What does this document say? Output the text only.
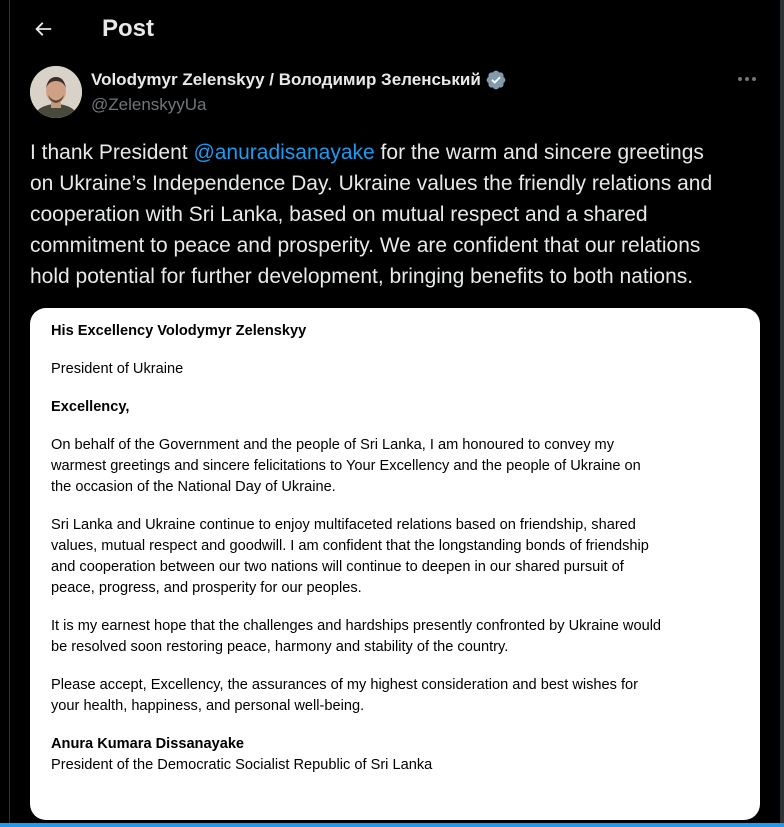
Post
Volodymyr Zelenskyy / Володимир Зеленський
@ZelenskyyUa
I thank President @anuradisanayake for the warm and sincere greetings
on Ukraine’s Independence Day. Ukraine values the friendly relations and
cooperation with Sri Lanka, based on mutual respect and a shared
commitment to peace and prosperity. We are confident that our relations
hold potential for further development, bringing benefits to both nations.
His Excellency Volodymyr Zelenskyy
President of Ukraine
Excellency,
On behalf of the Government and the people of Sri Lanka, I am honoured to convey my
warmest greetings and sincere felicitations to Your Excellency and the people of Ukraine on
the occasion of the National Day of Ukraine.
Sri Lanka and Ukraine continue to enjoy multifaceted relations based on friendship, shared
values, mutual respect and goodwill. I am confident that the longstanding bonds of friendship
and cooperation between our two nations will continue to deepen in our shared pursuit of
peace, progress, and prosperity for our peoples.
It is my earnest hope that the challenges and hardships presently confronted by Ukraine would
be resolved soon restoring peace, harmony and stability of the country.
Please accept, Excellency, the assurances of my highest consideration and best wishes for
your health, happiness, and personal well-being.
Anura Kumara Dissanayake
President of the Democratic Socialist Republic of Sri Lanka
